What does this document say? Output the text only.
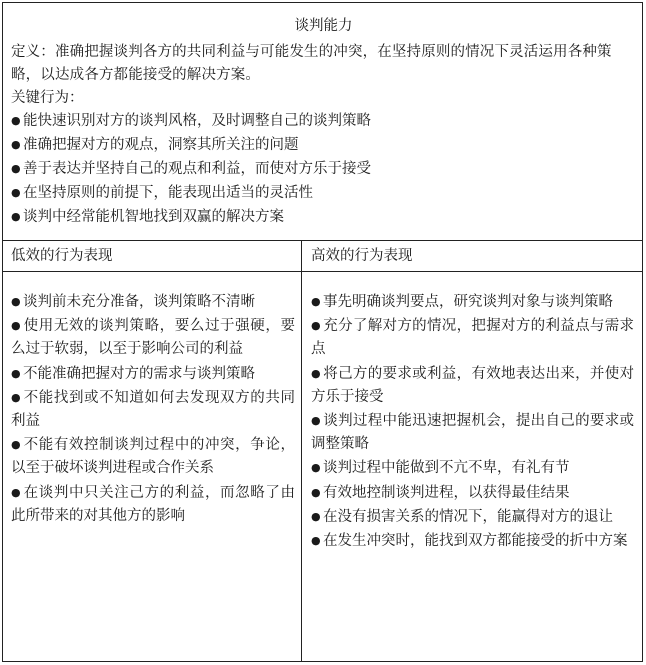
谈判能力
定义：准确把握谈判各方的共同利益与可能发生的冲突，在坚持原则的情况下灵活运用各种策略，以达成各方都能接受的解决方案。
关键行为：
● 能快速识别对方的谈判风格，及时调整自己的谈判策略
● 准确把握对方的观点，洞察其所关注的问题
● 善于表达并坚持自己的观点和利益，而使对方乐于接受
● 在坚持原则的前提下，能表现出适当的灵活性
● 谈判中经常能机智地找到双赢的解决方案
低效的行为表现
● 谈判前未充分准备，谈判策略不清晰
● 使用无效的谈判策略，要么过于强硬，要么过于软弱，以至于影响公司的利益
● 不能准确把握对方的需求与谈判策略
● 不能找到或不知道如何去发现双方的共同利益
● 不能有效控制谈判过程中的冲突，争论，以至于破坏谈判进程或合作关系
● 在谈判中只关注己方的利益，而忽略了由此所带来的对其他方的影响
高效的行为表现
● 事先明确谈判要点，研究谈判对象与谈判策略
● 充分了解对方的情况，把握对方的利益点与需求点
● 将己方的要求或利益，有效地表达出来，并使对方乐于接受
● 谈判过程中能迅速把握机会，提出自己的要求或调整策略
● 谈判过程中能做到不亢不卑，有礼有节
● 有效地控制谈判进程，以获得最佳结果
● 在没有损害关系的情况下，能赢得对方的退让
● 在发生冲突时，能找到双方都能接受的折中方案
